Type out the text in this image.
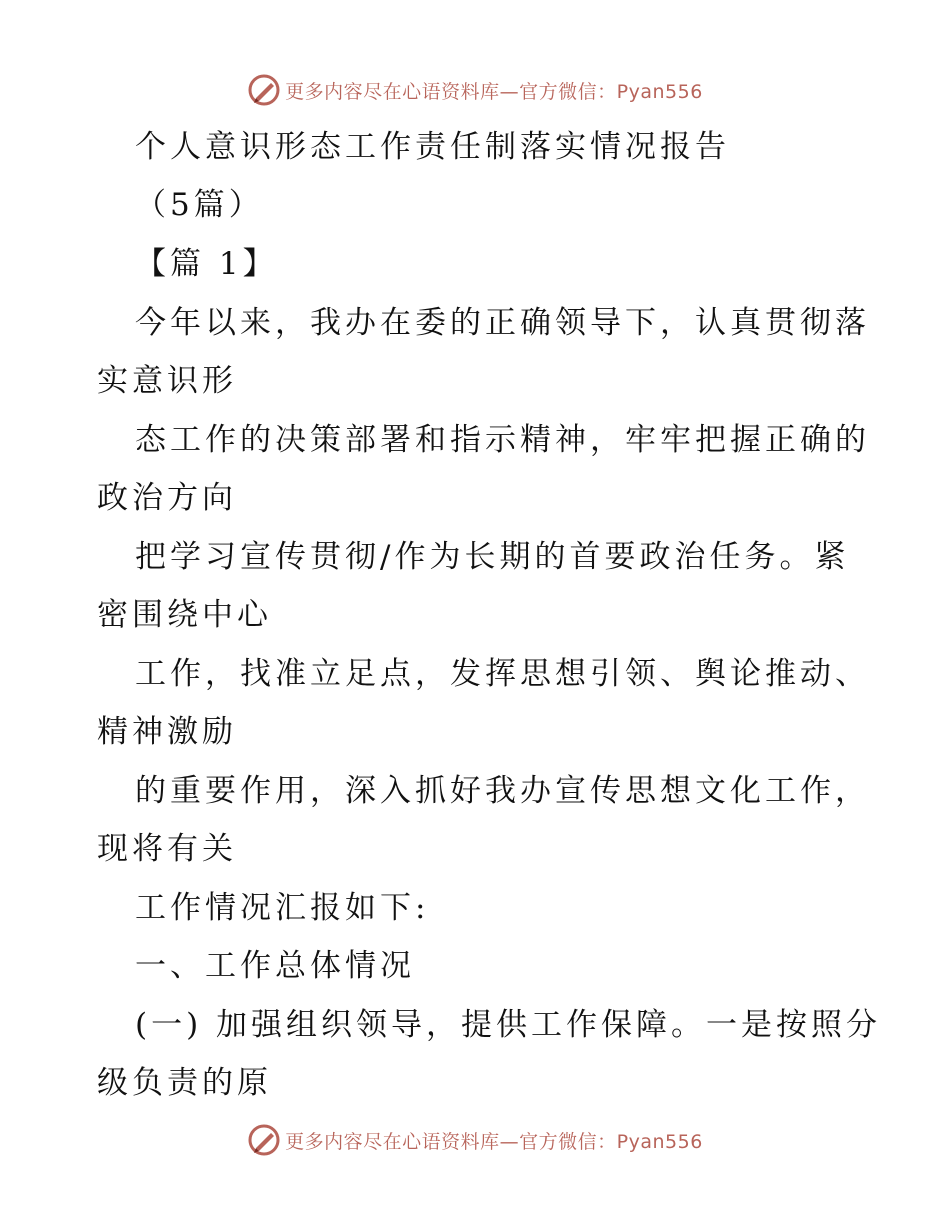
更多内容尽在心语资料库—官方微信：Pyan556
个人意识形态工作责任制落实情况报告
（5篇）
【篇 1】
今年以来，我办在委的正确领导下，认真贯彻落
实意识形
态工作的决策部署和指示精神，牢牢把握正确的
政治方向
把学习宣传贯彻/作为长期的首要政治任务。紧
密围绕中心
工作，找准立足点，发挥思想引领、舆论推动、
精神激励
的重要作用，深入抓好我办宣传思想文化工作，
现将有关
工作情况汇报如下:
一、工作总体情况
(一) 加强组织领导，提供工作保障。一是按照分
级负责的原
更多内容尽在心语资料库—官方微信：Pyan556
